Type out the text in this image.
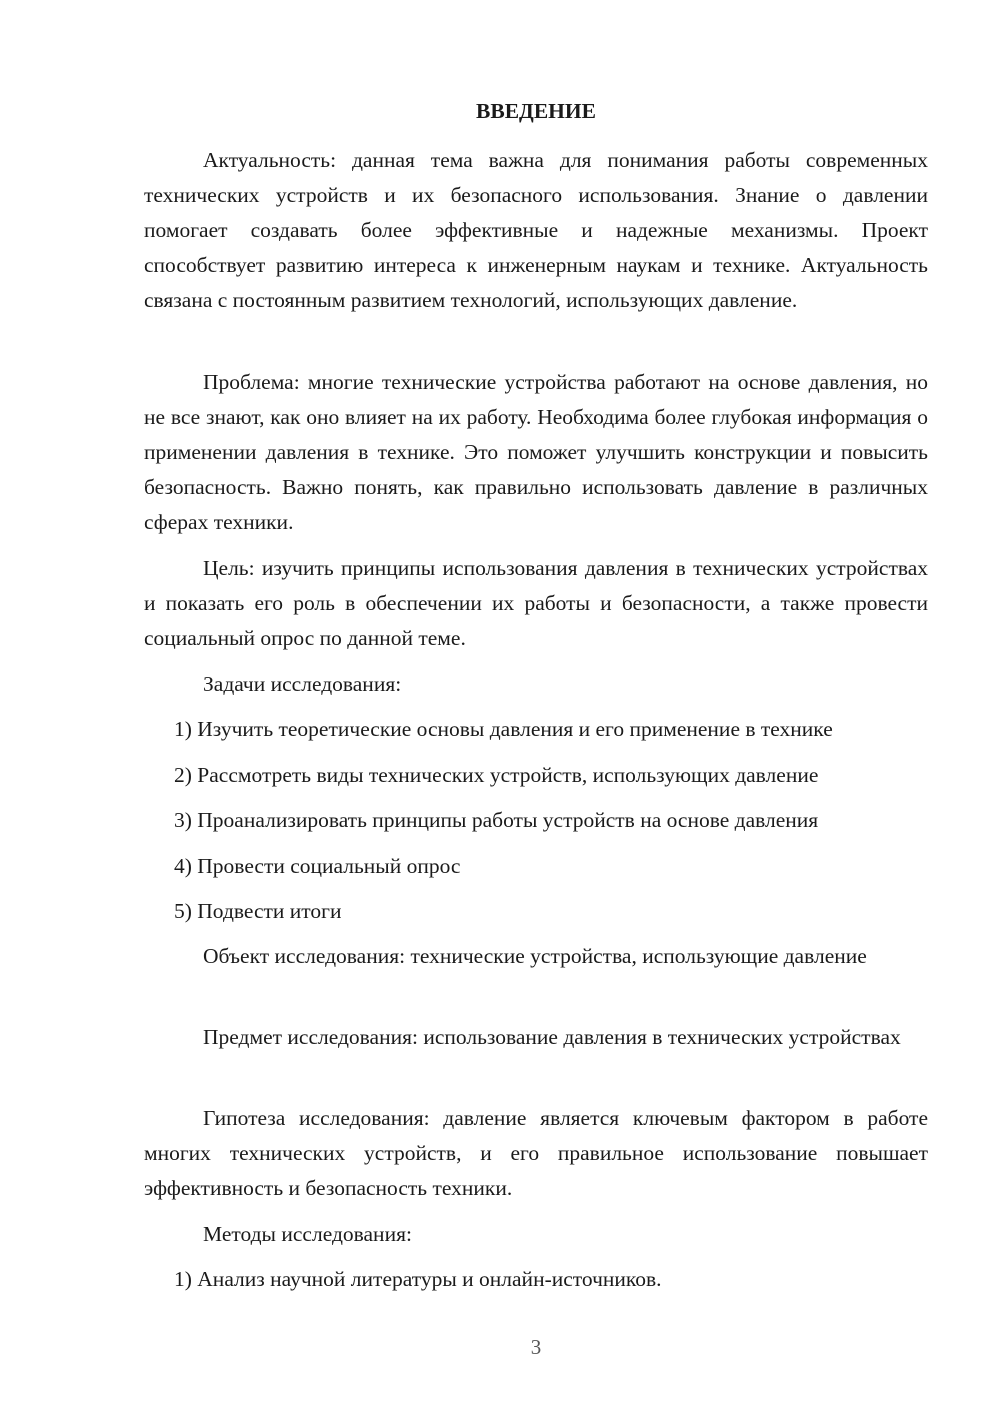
ВВЕДЕНИЕ

Актуальность: данная тема важна для понимания работы современных технических устройств и их безопасного использования. Знание о давлении помогает создавать более эффективные и надежные механизмы. Проект способствует развитию интереса к инженерным наукам и технике. Актуальность связана с постоянным развитием технологий, использующих давление.

Проблема: многие технические устройства работают на основе давления, но не все знают, как оно влияет на их работу. Необходима более глубокая информация о применении давления в технике. Это поможет улучшить конструкции и повысить безопасность. Важно понять, как правильно использовать давление в различных сферах техники.

Цель: изучить принципы использования давления в технических устройствах и показать его роль в обеспечении их работы и безопасности, а также провести социальный опрос по данной теме.

Задачи исследования:

1) Изучить теоретические основы давления и его применение в технике

2) Рассмотреть виды технических устройств, использующих давление

3) Проанализировать принципы работы устройств на основе давления

4) Провести социальный опрос

5) Подвести итоги

Объект исследования: технические устройства, использующие давление

Предмет исследования: использование давления в технических устройствах

Гипотеза исследования: давление является ключевым фактором в работе многих технических устройств, и его правильное использование повышает эффективность и безопасность техники.

Методы исследования:

1) Анализ научной литературы и онлайн-источников.

3
